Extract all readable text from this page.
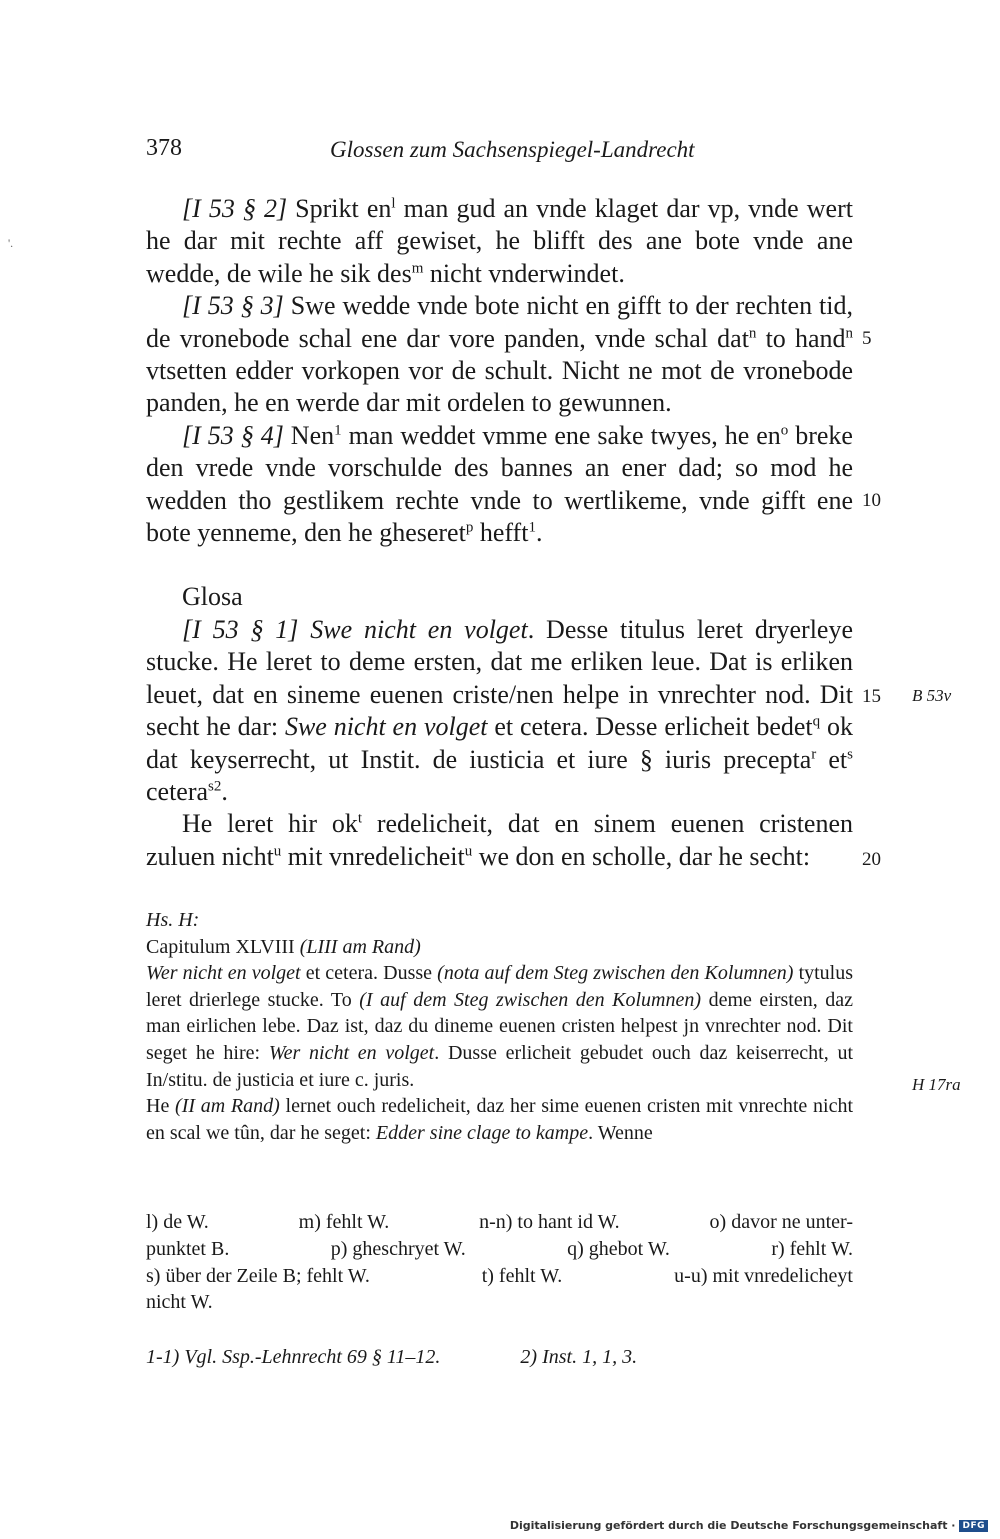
378	Glossen zum Sachsenspiegel-Landrecht
'.

[I 53 § 2] Sprikt $en^l$ man gud an vnde klaget dar vp, vnde wert he dar mit rechte aff gewiset, he blifft des ane bote vnde ane wedde, de wile he sik des$^m$ nicht vnderwindet.

[I 53 § 3] Swe wedde vnde bote nicht en gifft to der rechten tid, de vronebode schal ene dar vore panden, vnde schal dat$^n$ to hand$^n$ vtsetten edder vorkopen vor de schult. Nicht ne mot de vronebode panden, he en werde dar mit ordelen to gewunnen.

[I 53 § 4] Nen$^1$ man weddet vmme ene sake twyes, he $en^o$ breke den vrede vnde vorschulde des bannes an ener dad; so mod he wedden tho gestlikem rechte vnde to wertlikeme, vnde gifft ene bote yenneme, den he gheseret$^p$ hefft$^1$.

Glosa

[I 53 § 1] Swe nicht en volget. Desse titulus leret dryerleye stucke. He leret to deme ersten, dat me erliken leue. Dat is erliken leuet, dat en sineme euenen criste/nen helpe in vnrechter nod. Dit secht he dar: Swe nicht en volget et cetera. Desse erlicheit bedet$^q$ ok dat keyserrecht, ut Instit. de iusticia et iure § iuris precepta$^r$ $et^s$ cetera$^{s2}$.

He leret hir $ok^t$ redelicheit, dat en sinem euenen cristenen zuluen nicht$^u$ mit vnredelicheit$^u$ we don en scholle, dar he secht:

5
10
15
20
B 53v
H 17ra

Hs. H:

Capitulum XLVIII (LIII am Rand)

Wer nicht en volget et cetera. Dusse (nota auf dem Steg zwischen den Kolumnen) tytulus leret drierlege stucke. To (I auf dem Steg zwischen den Kolumnen) deme eirsten, daz man eirlichen lebe. Daz ist, daz du dineme euenen cristen helpest jn vnrechter nod. Dit seget he hire: Wer nicht en volget. Dusse erlicheit gebudet ouch daz keiserrecht, ut In/stitu. de justicia et iure c. juris.

He (II am Rand) lernet ouch redelicheit, daz her sime euenen cristen mit vnrechte nicht en scal we tûn, dar he seget: Edder sine clage to kampe. Wenne

l) de W.	m) fehlt W.	n-n) to hant id W.	o) davor ne unter-
punktet B.	p) gheschryet W.	q) ghebot W.	r) fehlt W.
s) über der Zeile B; fehlt W.	t) fehlt W.	u-u) mit vnredelicheyt
nicht W.
1-1) Vgl. Ssp.-Lehnrecht 69 § 11–12.	2) Inst. 1, 1, 3.
Digitalisierung gefördert durch die Deutsche Forschungsgemeinschaft · DFG
